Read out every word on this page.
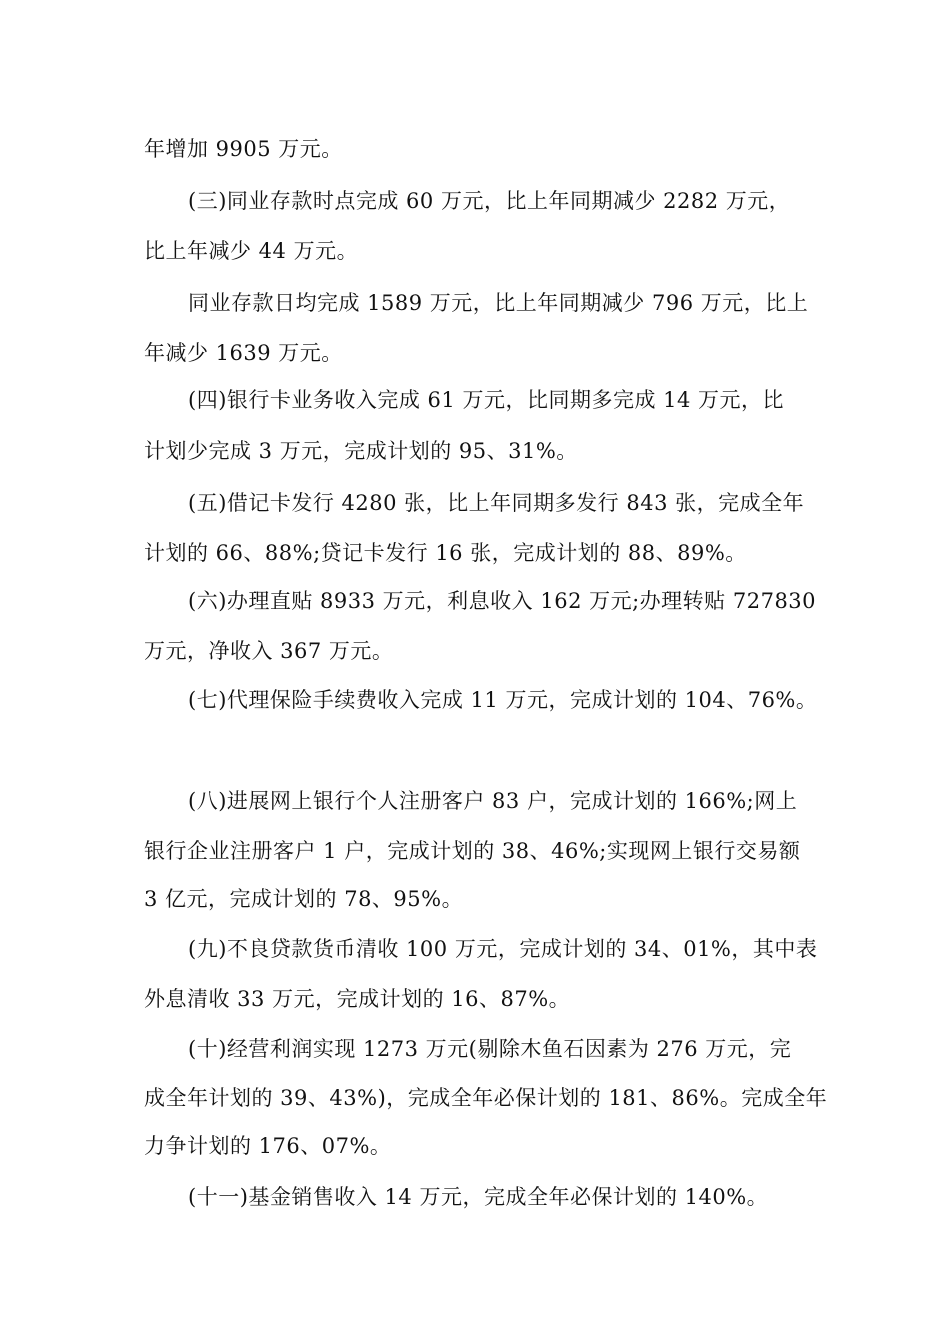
年增加 9905 万元。
(三)同业存款时点完成 60 万元，比上年同期减少 2282 万元，
比上年减少 44 万元。
同业存款日均完成 1589 万元，比上年同期减少 796 万元，比上
年减少 1639 万元。
(四)银行卡业务收入完成 61 万元，比同期多完成 14 万元，比
计划少完成 3 万元，完成计划的 95、31%。
(五)借记卡发行 4280 张，比上年同期多发行 843 张，完成全年
计划的 66、88%;贷记卡发行 16 张，完成计划的 88、89%。
(六)办理直贴 8933 万元，利息收入 162 万元;办理转贴 727830
万元，净收入 367 万元。
(七)代理保险手续费收入完成 11 万元，完成计划的 104、76%。
(八)进展网上银行个人注册客户 83 户，完成计划的 166%;网上
银行企业注册客户 1 户，完成计划的 38、46%;实现网上银行交易额
3 亿元，完成计划的 78、95%。
(九)不良贷款货币清收 100 万元，完成计划的 34、01%，其中表
外息清收 33 万元，完成计划的 16、87%。
(十)经营利润实现 1273 万元(剔除木鱼石因素为 276 万元，完
成全年计划的 39、43%)，完成全年必保计划的 181、86%。完成全年
力争计划的 176、07%。
(十一)基金销售收入 14 万元，完成全年必保计划的 140%。
